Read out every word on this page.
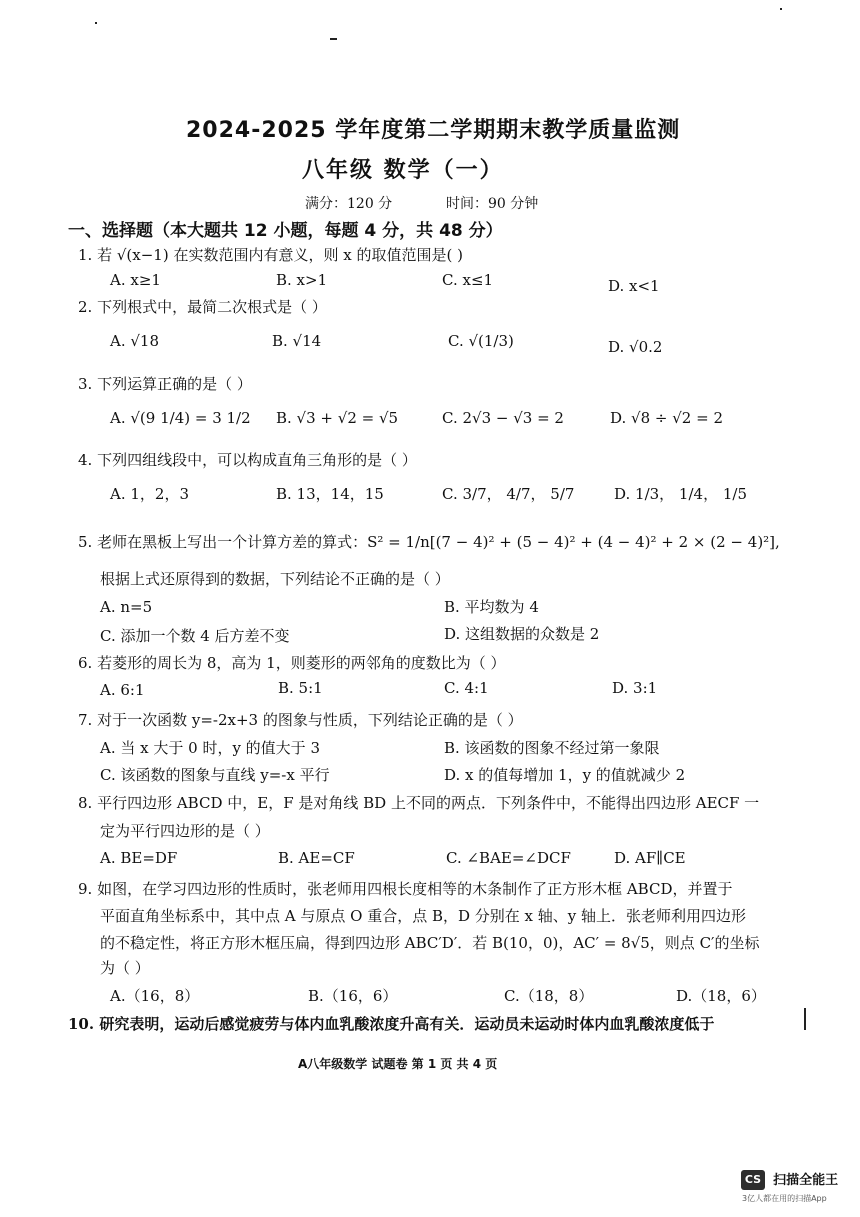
2024-2025 学年度第二学期期末教学质量监测
八年级 数学（一）
满分：120 分	时间：90 分钟
一、选择题（本大题共 12 小题，每题 4 分，共 48 分）
1. 若 √(x−1) 在实数范围内有意义，则 x 的取值范围是( )
A. x≥1	B. x>1	C. x≤1	D. x<1
2. 下列根式中，最简二次根式是（ ）
A. √18	B. √14	C. √(1/3)	D. √0.2
3. 下列运算正确的是（ ）
A. √(9 1/4) = 3 1/2 B. √3 + √2 = √5	C. 2√3 − √3 = 2	D. √8 ÷ √2 = 2
4. 下列四组线段中，可以构成直角三角形的是（ ）
A. 1，2，3	B. 13，14，15	C. 3/7， 4/7， 5/7	D. 1/3， 1/4， 1/5
5. 老师在黑板上写出一个计算方差的算式：S² = 1/n[(7 − 4)² + (5 − 4)² + (4 − 4)² + 2 × (2 − 4)²],
根据上式还原得到的数据，下列结论不正确的是（ ）
A. n=5	B. 平均数为 4
C. 添加一个数 4 后方差不变	D. 这组数据的众数是 2
6. 若菱形的周长为 8，高为 1，则菱形的两邻角的度数比为（ ）
A. 6:1	B. 5:1	C. 4:1	D. 3:1
7. 对于一次函数 y=-2x+3 的图象与性质，下列结论正确的是（ ）
A. 当 x 大于 0 时，y 的值大于 3	B. 该函数的图象不经过第一象限
C. 该函数的图象与直线 y=-x 平行	D. x 的值每增加 1，y 的值就减少 2
8. 平行四边形 ABCD 中，E，F 是对角线 BD 上不同的两点．下列条件中，不能得出四边形 AECF 一
定为平行四边形的是（ ）
A. BE=DF	B. AE=CF	C. ∠BAE=∠DCF	D. AF∥CE
9. 如图，在学习四边形的性质时，张老师用四根长度相等的木条制作了正方形木框 ABCD，并置于
平面直角坐标系中，其中点 A 与原点 O 重合，点 B，D 分别在 x 轴、y 轴上．张老师利用四边形
的不稳定性，将正方形木框压扁，得到四边形 ABC′D′．若 B(10，0)，AC′ = 8√5，则点 C′的坐标
为（ ）
A.（16，8）	B.（16，6）	C.（18，8）	D.（18，6）
10. 研究表明，运动后感觉疲劳与体内血乳酸浓度升高有关．运动员未运动时体内血乳酸浓度低于
A八年级数学 试题卷 第 1 页 共 4 页
CS 扫描全能王
3亿人都在用的扫描App
